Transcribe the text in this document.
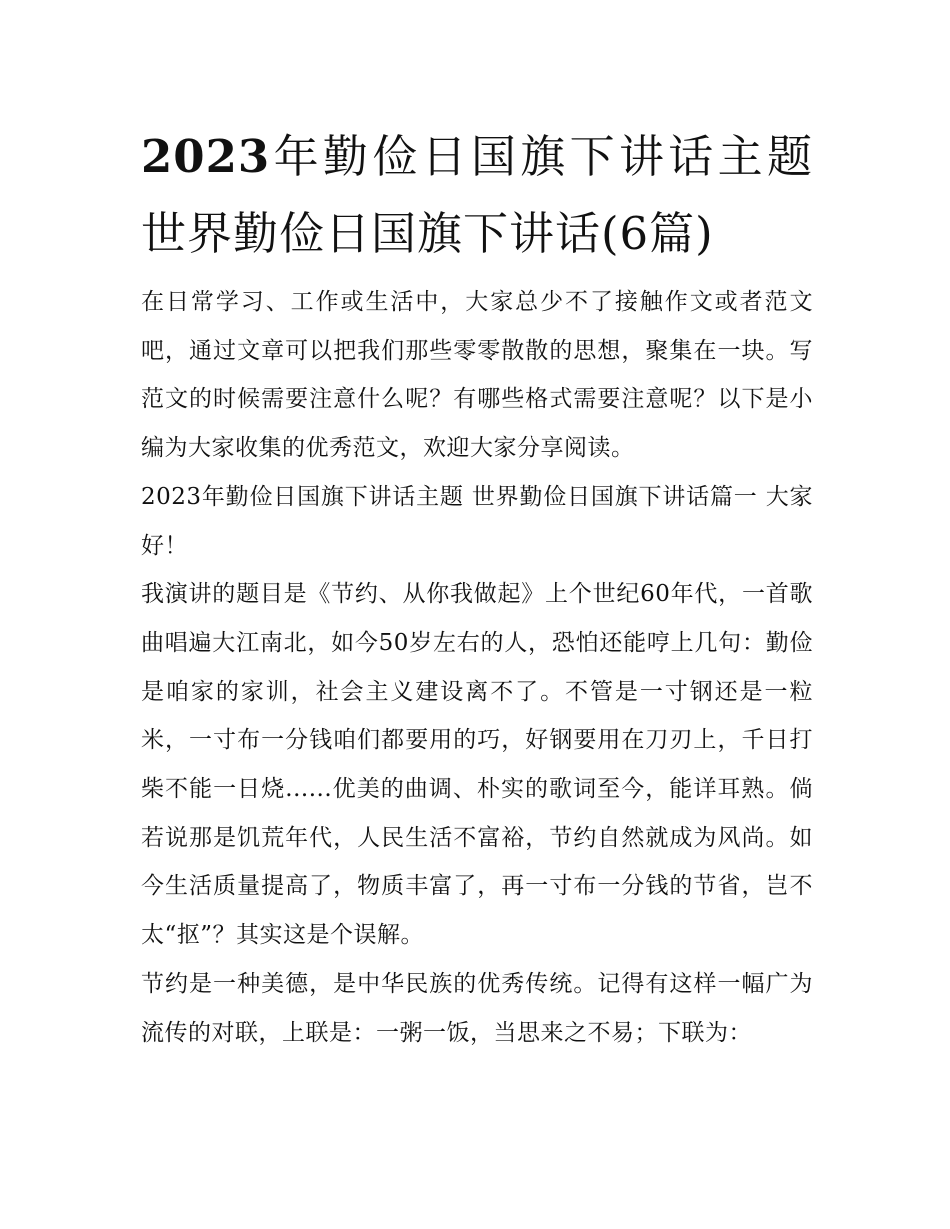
2023年勤俭日国旗下讲话主题世界勤俭日国旗下讲话(6篇)

在日常学习、工作或生活中，大家总少不了接触作文或者范文吧，通过文章可以把我们那些零零散散的思想，聚集在一块。写范文的时候需要注意什么呢？有哪些格式需要注意呢？以下是小编为大家收集的优秀范文，欢迎大家分享阅读。

2023年勤俭日国旗下讲话主题 世界勤俭日国旗下讲话篇一 大家好！

我演讲的题目是《节约、从你我做起》上个世纪60年代，一首歌曲唱遍大江南北，如今50岁左右的人，恐怕还能哼上几句：勤俭是咱家的家训，社会主义建设离不了。不管是一寸钢还是一粒米，一寸布一分钱咱们都要用的巧，好钢要用在刀刃上，千日打柴不能一日烧......优美的曲调、朴实的歌词至今，能详耳熟。倘若说那是饥荒年代，人民生活不富裕，节约自然就成为风尚。如今生活质量提高了，物质丰富了，再一寸布一分钱的节省，岂不太“抠”？其实这是个误解。

节约是一种美德，是中华民族的优秀传统。记得有这样一幅广为流传的对联，上联是：一粥一饭，当思来之不易；下联为：
